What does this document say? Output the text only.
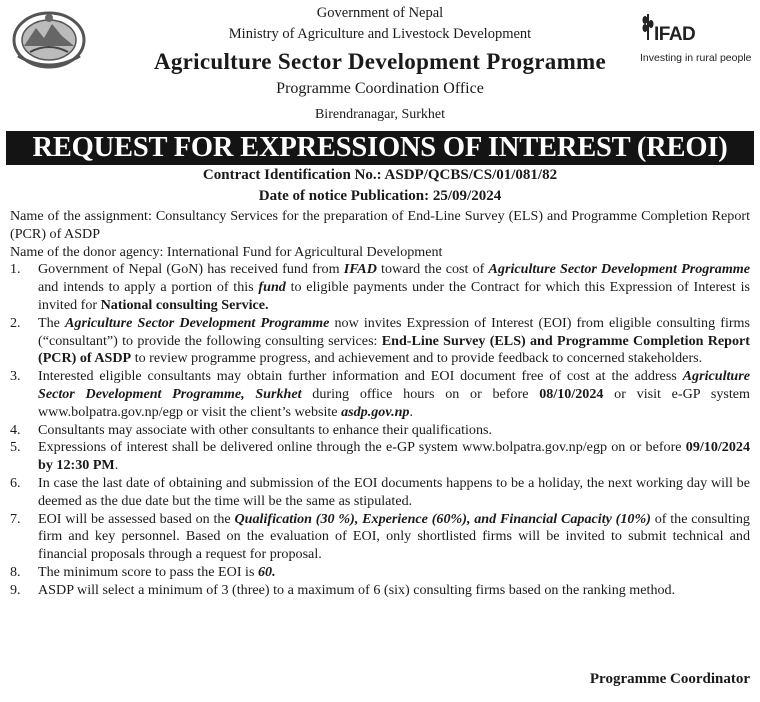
Government of Nepal
Ministry of Agriculture and Livestock Development
Agriculture Sector Development Programme
Programme Coordination Office
Birendranagar, Surkhet
IFAD
Investing in rural people
REQUEST FOR EXPRESSIONS OF INTEREST (REOI)
Contract Identification No.: ASDP/QCBS/CS/01/081/82
Date of notice Publication: 25/09/2024

Name of the assignment: Consultancy Services for the preparation of End-Line Survey (ELS) and Programme Completion Report (PCR) of ASDP

Name of the donor agency: International Fund for Agricultural Development

1. Government of Nepal (GoN) has received fund from IFAD toward the cost of Agriculture Sector Development Programme and intends to apply a portion of this fund to eligible payments under the Contract for which this Expression of Interest is invited for National consulting Service.
2. The Agriculture Sector Development Programme now invites Expression of Interest (EOI) from eligible consulting firms (“consultant”) to provide the following consulting services: End-Line Survey (ELS) and Programme Completion Report (PCR) of ASDP to review programme progress, and achievement and to provide feedback to concerned stakeholders.
3. Interested eligible consultants may obtain further information and EOI document free of cost at the address Agriculture Sector Development Programme, Surkhet during office hours on or before 08/10/2024 or visit e-GP system www.bolpatra.gov.np/egp or visit the client’s website asdp.gov.np.
4. Consultants may associate with other consultants to enhance their qualifications.
5. Expressions of interest shall be delivered online through the e-GP system www.bolpatra.gov.np/egp on or before 09/10/2024 by 12:30 PM.
6. In case the last date of obtaining and submission of the EOI documents happens to be a holiday, the next working day will be deemed as the due date but the time will be the same as stipulated.
7. EOI will be assessed based on the Qualification (30 %), Experience (60%), and Financial Capacity (10%) of the consulting firm and key personnel. Based on the evaluation of EOI, only shortlisted firms will be invited to submit technical and financial proposals through a request for proposal.
8. The minimum score to pass the EOI is 60.
9. ASDP will select a minimum of 3 (three) to a maximum of 6 (six) consulting firms based on the ranking method.
Programme Coordinator
